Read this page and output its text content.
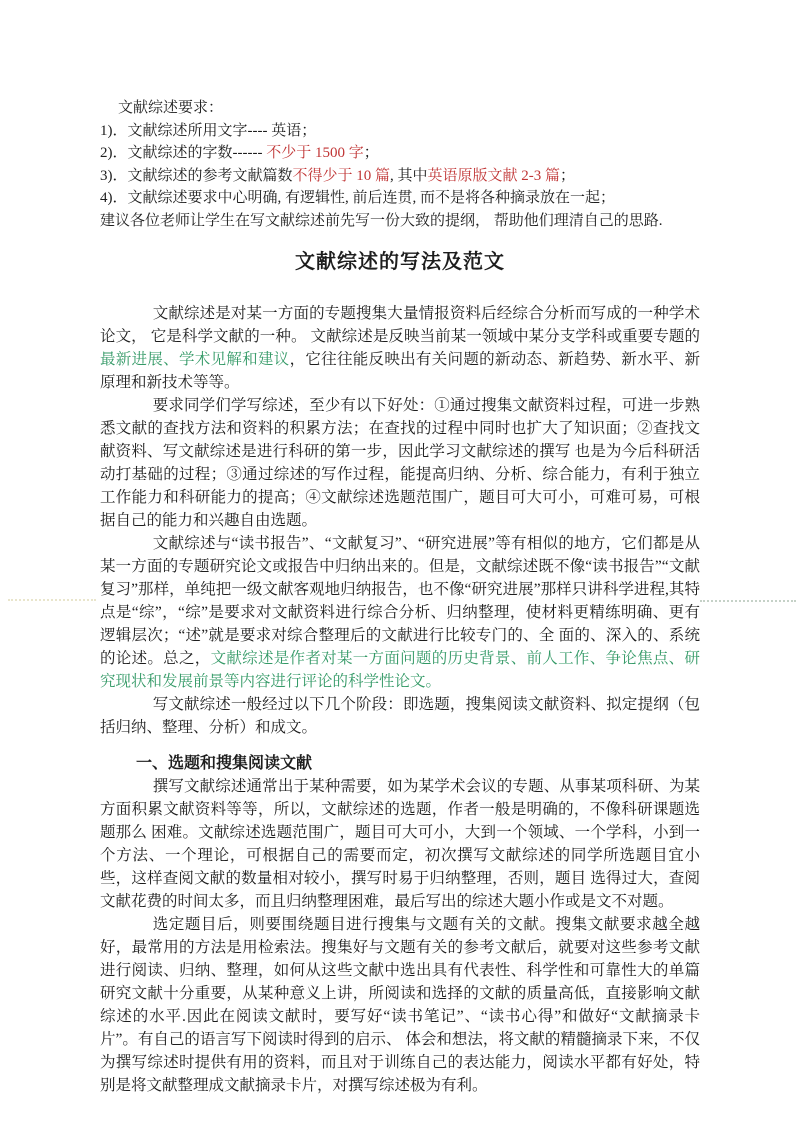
文献综述要求：
1)．文献综述所用文字---- 英语；
2)．文献综述的字数------ 不少于 1500 字；
3)．文献综述的参考文献篇数不得少于 10 篇, 其中英语原版文献 2-3 篇；
4)．文献综述要求中心明确, 有逻辑性, 前后连贯, 而不是将各种摘录放在一起；
建议各位老师让学生在写文献综述前先写一份大致的提纲， 帮助他们理清自己的思路.
文献综述的写法及范文

文献综述是对某一方面的专题搜集大量情报资料后经综合分析而写成的一种学术论文， 它是科学文献的一种。 文献综述是反映当前某一领域中某分支学科或重要专题的最新进展、学术见解和建议，它往往能反映出有关问题的新动态、新趋势、新水平、新原理和新技术等等。

要求同学们学写综述，至少有以下好处：①通过搜集文献资料过程，可进一步熟悉文献的查找方法和资料的积累方法；在查找的过程中同时也扩大了知识面；②查找文献资料、写文献综述是进行科研的第一步，因此学习文献综述的撰写 也是为今后科研活动打基础的过程；③通过综述的写作过程，能提高归纳、分析、综合能力，有利于独立工作能力和科研能力的提高；④文献综述选题范围广，题目可大可小，可难可易，可根据自己的能力和兴趣自由选题。

文献综述与“读书报告”、“文献复习”、“研究进展”等有相似的地方，它们都是从某一方面的专题研究论文或报告中归纳出来的。但是，文献综述既不像“读书报告”“文献复习”那样，单纯把一级文献客观地归纳报告，也不像“研究进展”那样只讲科学进程,其特点是“综”，“综”是要求对文献资料进行综合分析、归纳整理，使材料更精练明确、更有逻辑层次；“述”就是要求对综合整理后的文献进行比较专门的、全 面的、深入的、系统的论述。总之，文献综述是作者对某一方面问题的历史背景、前人工作、争论焦点、研究现状和发展前景等内容进行评论的科学性论文。

写文献综述一般经过以下几个阶段：即选题，搜集阅读文献资料、拟定提纲（包括归纳、整理、分析）和成文。

一、选题和搜集阅读文献

撰写文献综述通常出于某种需要，如为某学术会议的专题、从事某项科研、为某方面积累文献资料等等，所以，文献综述的选题，作者一般是明确的，不像科研课题选题那么 困难。文献综述选题范围广，题目可大可小，大到一个领域、一个学科，小到一个方法、一个理论，可根据自己的需要而定，初次撰写文献综述的同学所选题目宜小些，这样查阅文献的数量相对较小，撰写时易于归纳整理，否则，题目 选得过大，查阅文献花费的时间太多，而且归纳整理困难，最后写出的综述大题小作或是文不对题。

选定题目后，则要围绕题目进行搜集与文题有关的文献。搜集文献要求越全越好，最常用的方法是用检索法。搜集好与文题有关的参考文献后，就要对这些参考文献进行阅读、归纳、整理，如何从这些文献中选出具有代表性、科学性和可靠性大的单篇研究文献十分重要，从某种意义上讲，所阅读和选择的文献的质量高低，直接影响文献综述的水平.因此在阅读文献时，要写好“读书笔记”、“读书心得”和做好“文献摘录卡片”。有自己的语言写下阅读时得到的启示、 体会和想法，将文献的精髓摘录下来，不仅为撰写综述时提供有用的资料，而且对于训练自己的表达能力，阅读水平都有好处，特别是将文献整理成文献摘录卡片，对撰写综述极为有利。
